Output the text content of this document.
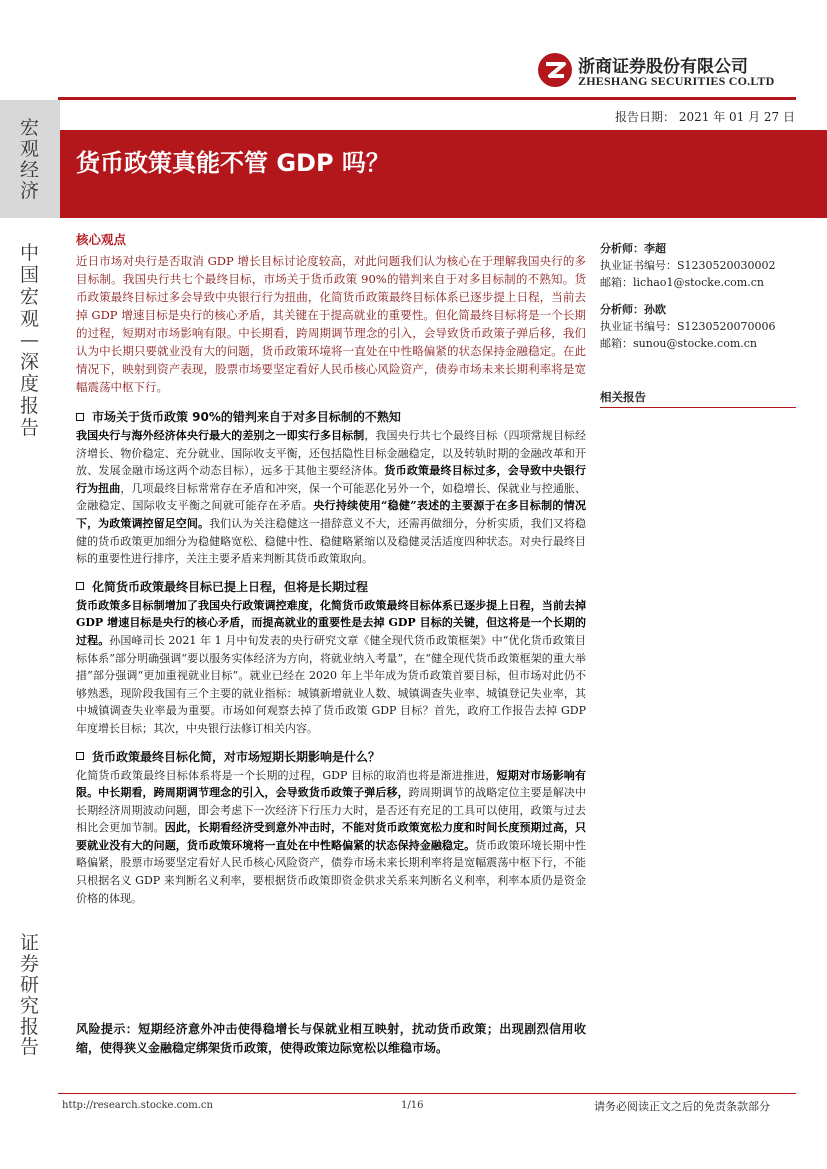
浙商证券股份有限公司
ZHESHANG SECURITIES CO.LTD
报告日期： 2021 年 01 月 27 日
宏
观
经
济
中
国
宏
观
—
深
度
报
告
证
券
研
究
报
告
货币政策真能不管 GDP 吗？
核心观点

近日市场对央行是否取消 GDP 增长目标讨论度较高，对此问题我们认为核心在于理解我国央行的多目标制。我国央行共七个最终目标，市场关于货币政策 90%的错判来自于对多目标制的不熟知。货币政策最终目标过多会导致中央银行行为扭曲，化简货币政策最终目标体系已逐步提上日程，当前去掉 GDP 增速目标是央行的核心矛盾，其关键在于提高就业的重要性。但化简最终目标将是一个长期的过程，短期对市场影响有限。中长期看，跨周期调节理念的引入，会导致货币政策子弹后移，我们认为中长期只要就业没有大的问题，货币政策环境将一直处在中性略偏紧的状态保持金融稳定。在此情况下，映射到资产表现，股票市场要坚定看好人民币核心风险资产，债券市场未来长期利率将是宽幅震荡中枢下行。

市场关于货币政策 90%的错判来自于对多目标制的不熟知

我国央行与海外经济体央行最大的差别之一即实行多目标制，我国央行共七个最终目标（四项常规目标经济增长、物价稳定、充分就业、国际收支平衡，还包括隐性目标金融稳定，以及转轨时期的金融改革和开放、发展金融市场这两个动态目标），远多于其他主要经济体。货币政策最终目标过多，会导致中央银行行为扭曲，几项最终目标常常存在矛盾和冲突，保一个可能恶化另外一个，如稳增长、保就业与控通胀、金融稳定、国际收支平衡之间就可能存在矛盾。央行持续使用“稳健”表述的主要源于在多目标制的情况下，为政策调控留足空间。我们认为关注稳健这一措辞意义不大，还需再做细分，分析实质，我们又将稳健的货币政策更加细分为稳健略宽松、稳健中性、稳健略紧缩以及稳健灵活适度四种状态。对央行最终目标的重要性进行排序，关注主要矛盾来判断其货币政策取向。

化简货币政策最终目标已提上日程，但将是长期过程

货币政策多目标制增加了我国央行政策调控难度，化简货币政策最终目标体系已逐步提上日程，当前去掉 GDP 增速目标是央行的核心矛盾，而提高就业的重要性是去掉 GDP 目标的关键，但这将是一个长期的过程。孙国峰司长 2021 年 1 月中旬发表的央行研究文章《健全现代货币政策框架》中“优化货币政策目标体系”部分明确强调“要以服务实体经济为方向，将就业纳入考量”，在“健全现代货币政策框架的重大举措”部分强调“更加重视就业目标”。就业已经在 2020 年上半年成为货币政策首要目标，但市场对此仍不够熟悉，现阶段我国有三个主要的就业指标：城镇新增就业人数、城镇调查失业率、城镇登记失业率，其中城镇调查失业率最为重要。市场如何观察去掉了货币政策 GDP 目标？首先，政府工作报告去掉 GDP 年度增长目标；其次，中央银行法修订相关内容。

货币政策最终目标化简，对市场短期长期影响是什么？

化简货币政策最终目标体系将是一个长期的过程，GDP 目标的取消也将是渐进推进，短期对市场影响有限。中长期看，跨周期调节理念的引入，会导致货币政策子弹后移，跨周期调节的战略定位主要是解决中长期经济周期波动问题，即会考虑下一次经济下行压力大时，是否还有充足的工具可以使用，政策与过去相比会更加节制。因此，长期看经济受到意外冲击时，不能对货币政策宽松力度和时间长度预期过高，只要就业没有大的问题，货币政策环境将一直处在中性略偏紧的状态保持金融稳定。货币政策环境长期中性略偏紧，股票市场要坚定看好人民币核心风险资产，债券市场未来长期利率将是宽幅震荡中枢下行，不能只根据名义 GDP 来判断名义利率，要根据货币政策即资金供求关系来判断名义利率，利率本质仍是资金价格的体现。

风险提示：短期经济意外冲击使得稳增长与保就业相互映射，扰动货币政策；出现剧烈信用收缩，使得狭义金融稳定绑架货币政策，使得政策边际宽松以维稳市场。
分析师：李超
执业证书编号：S1230520030002
邮箱：lichao1@stocke.com.cn
分析师：孙欧
执业证书编号：S1230520070006
邮箱：sunou@stocke.com.cn
相关报告
http://research.stocke.com.cn	1/16	请务必阅读正文之后的免责条款部分
